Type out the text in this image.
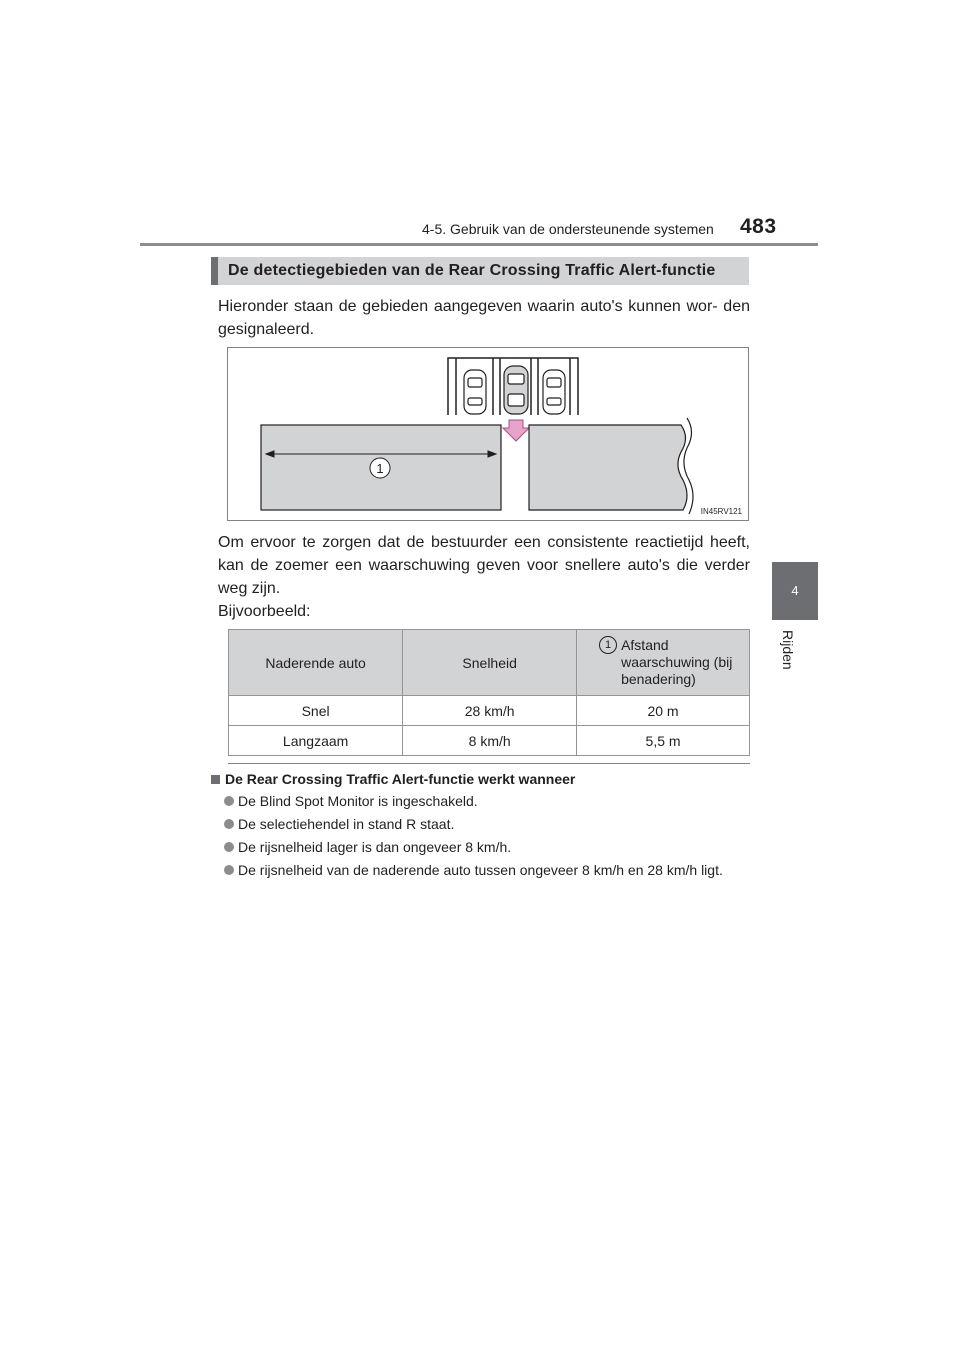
4-5. Gebruik van de ondersteunende systemen 483
4
Rijden
De detectiegebieden van de Rear Crossing Traffic Alert-functie
Hieronder staan de gebieden aangegeven waarin auto's kunnen wor- den gesignaleerd.
1
IN45RV121
Om ervoor te zorgen dat de bestuurder een consistente reactietijd heeft, kan de zoemer een waarschuwing geven voor snellere auto's die verder weg zijn.
Bijvoorbeeld:
Naderende auto	Snelheid	1 Afstand waarschuwing (bij benadering)

Snel	28 km/h	20 m
Langzaam	8 km/h	5,5 m
De Rear Crossing Traffic Alert-functie werkt wanneer
De Blind Spot Monitor is ingeschakeld.
De selectiehendel in stand R staat.
De rijsnelheid lager is dan ongeveer 8 km/h.
De rijsnelheid van de naderende auto tussen ongeveer 8 km/h en 28 km/h ligt.
